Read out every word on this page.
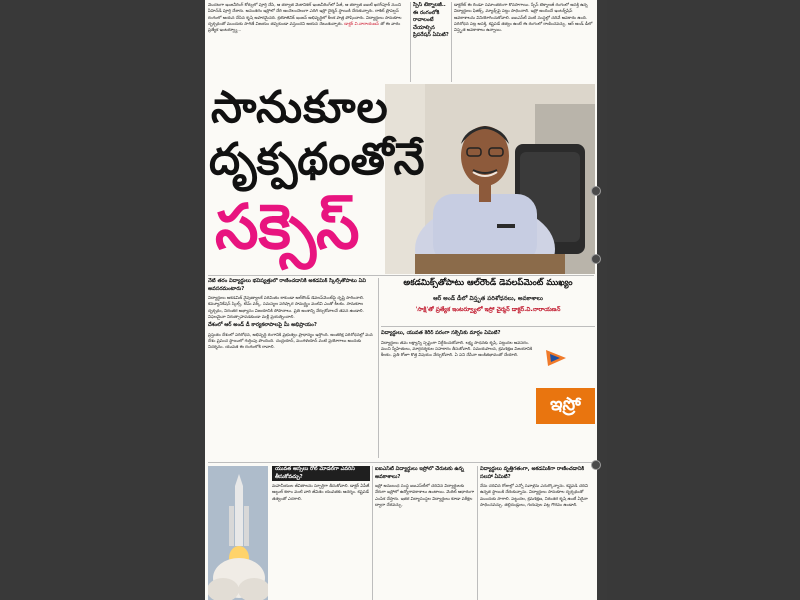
మొదటగా ఇంజనీరింగ్ కోర్సులో పూర్తి చేసి, ఆ తర్వాత మెకానికల్ ఇంజనీరింగ్‌లో పీజీ, ఆ తర్వాత ఐఐటీ ఖరగ్‌పూర్ నుంచి పీహెచ్‌డీ పూర్తి చేశారు. అనంతరం ఇస్రోలో చేరి అంచెలంచెలుగా ఎదిగి ఇస్రో చైర్మన్ స్థాయికి చేరుకున్నారు. రాకెట్ ప్రొపల్షన్ రంగంలో ఆయన చేసిన కృషి అపారమైనది. క్రయోజెనిక్ ఇంజన్ అభివృద్ధిలో కీలక పాత్ర పోషించారు. విద్యార్థులు సానుకూల దృక్పథంతో ముందుకు సాగితే విజయం తప్పకుండా వస్తుందని ఆయన చెబుతున్నారు. డాక్టర్ వి.నారాయణన్ తో ఈ వారం ప్రత్యేక ఇంటర్వ్యూ...
స్పేస్ టెక్నాలజీ.. ఈ రంగంలోకి రావాలంటే చేయాల్సిన ప్రిపరేషన్ ఏమిటి?
డాక్టరేట్ ఈ రెండూ సమాంతరంగా కొనసాగాయి. స్పేస్ టెక్నాలజీ రంగంలో ఆసక్తి ఉన్న విద్యార్థులు ఫిజిక్స్, మ్యాథ్స్‌పై పట్టు సాధించాలి. ఇస్రో అందించే ఇంటర్న్‌షిప్ అవకాశాలను వినియోగించుకోవాలి. ఐఐఎస్‌టీ వంటి సంస్థల్లో చదివే అవకాశం ఉంది. పరిశోధన పట్ల ఆసక్తి, కష్టపడే తత్వం ఉంటే ఈ రంగంలో రాణించవచ్చు. ఆర్ అండ్ డీలో విస్తృత అవకాశాలు ఉన్నాయి.
సానుకూల
దృక్పథంతోనే
సక్సెస్

నేటి తరం విద్యార్థులు భవిష్యత్తులో రాణించడానికి అకడమిక్ స్కిల్స్‌తోపాటు ఏవి అవసరమంటారు?

విద్యార్థులు అకడమిక్ నైపుణ్యాలకే పరిమితం కాకుండా ఆల్‌రౌండ్ డెవలప్‌మెంట్‌పై దృష్టి సారించాలి. కమ్యూనికేషన్ స్కిల్స్, టీమ్ వర్క్, సమస్యల పరిష్కార సామర్థ్యం వంటివి ఎంతో కీలకం. సానుకూల దృక్పథం, నిరంతర అభ్యాసం విజయానికి సోపానాలు. ప్రతి అంశాన్ని నేర్చుకోవాలనే తపన ఉండాలి. విఫలమైనా నిరుత్సాహపడకుండా మళ్లీ ప్రయత్నించాలి.

దేశంలో ఆర్ అండ్ డీ కార్యకలాపాలపై మీ అభిప్రాయం?

ప్రస్తుతం దేశంలో పరిశోధన, అభివృద్ధి రంగానికి ప్రభుత్వం ప్రాధాన్యం ఇస్తోంది. అంతరిక్ష పరిశోధనల్లో మన దేశం ప్రపంచ స్థాయిలో గుర్తింపు పొందింది. చంద్రయాన్, మంగళయాన్ వంటి ప్రయోగాలు అందుకు నిదర్శనం. యువత ఈ రంగంలోకి రావాలి.

అకడమిక్స్‌తోపాటు ఆల్‌రౌండ్ డెవలప్‌మెంట్ ముఖ్యం
ఆర్ అండ్ డీలో విస్తృత పరిశోధనలు, అవకాశాలు
'సాక్షి'తో ప్రత్యేక ఇంటర్వ్యూలో ఇస్రో చైర్మన్ డాక్టర్.వి.నారాయణన్

విద్యార్థులు, యువత కెరీర్ పరంగా సక్సెస్‌కు మార్గం ఏమిటి?

విద్యార్థులు తమ లక్ష్యాన్ని స్పష్టంగా నిర్దేశించుకోవాలి. లక్ష్య సాధనకు కృషి, పట్టుదల అవసరం. మంచి స్నేహితులు, మార్గదర్శకుల సహకారం తీసుకోవాలి. సమయపాలన, క్రమశిక్షణ విజయానికి కీలకం. ప్రతి రోజూ కొత్త విషయం నేర్చుకోవాలి. ఏ పని చేసినా అంకితభావంతో చేయాలి.

ఇస్రో

యువత అస్సలు రోల్ మోడల్‌గా ఎవరిని తీసుకోవచ్చు?

మహనీయుల జీవితాలను స్ఫూర్తిగా తీసుకోవాలి. డాక్టర్ ఏపీజే అబ్దుల్ కలాం వంటి వారి జీవితం యువతకు ఆదర్శం. కష్టపడే తత్వంతో ఎదగాలి.

ఐఐఎస్‌టీ విద్యార్థులు ఇస్రోలో చేరుటకు ఉన్న అవకాశాలు?

ఇస్రో అనుబంధ సంస్థ ఐఐఎస్‌టీలో చదివిన విద్యార్థులకు నేరుగా ఇస్రోలో ఉద్యోగావకాశాలు ఉంటాయి. మెరిట్ ఆధారంగా ఎంపిక చేస్తారు. ఇతర విద్యాసంస్థల విద్యార్థులు కూడా పరీక్షల ద్వారా చేరవచ్చు.

విద్యార్థులు వృత్తిగతంగా, అకడమిక్‌గా రాణించడానికి సలహా ఏమిటి?

నేను చదివిన రోజుల్లో ఎన్నో సవాళ్లను ఎదుర్కొన్నాను. కష్టపడి చదివి ఉన్నత స్థాయికి చేరుకున్నాను. విద్యార్థులు సానుకూల దృక్పథంతో ముందుకు సాగాలి. పట్టుదల, క్రమశిక్షణ, నిరంతర కృషి ఉంటే ఏదైనా సాధించవచ్చు. తల్లిదండ్రులు, గురువుల పట్ల గౌరవం ఉండాలి.
